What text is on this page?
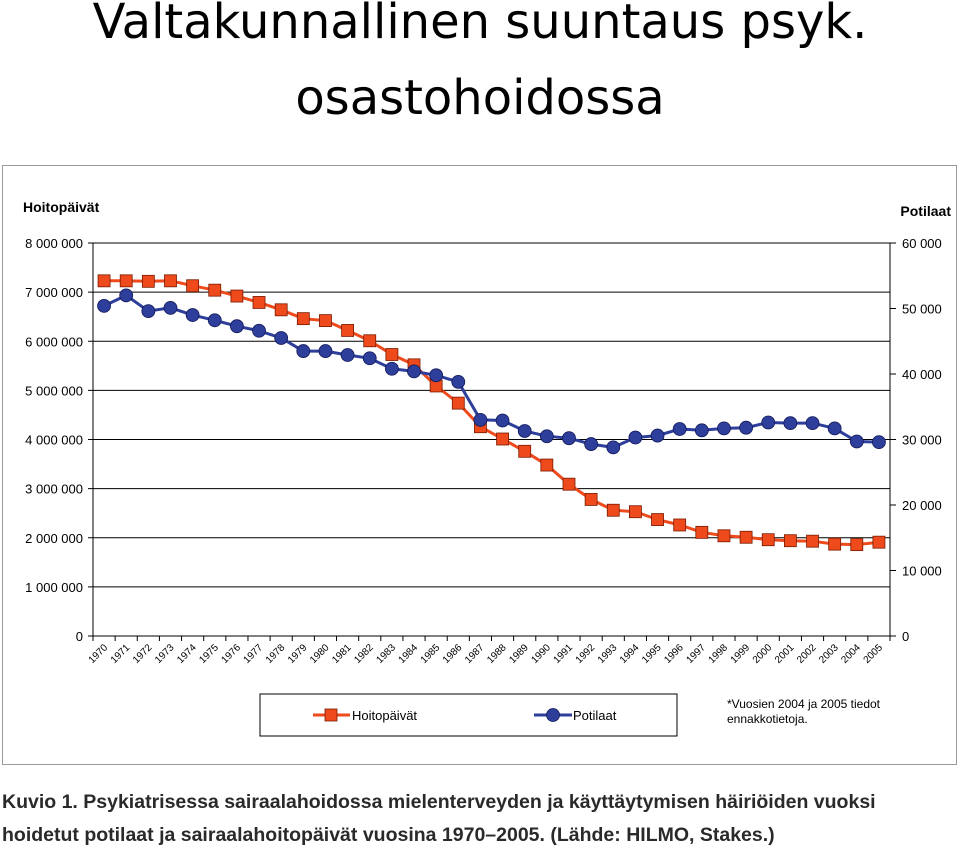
Valtakunnallinen suuntaus psyk.
osastohoidossa
Hoitopäivät	Potilaat
0
1 000 000
2 000 000
3 000 000
4 000 000
5 000 000
6 000 000
7 000 000
8 000 000
0
10 000
20 000
30 000
40 000
50 000
60 000
1970
1971
1972
1973
1974
1975
1976
1977
1978
1979
1980
1981
1982
1983
1984
1985
1986
1987
1988
1989
1990
1991
1992
1993
1994
1995
1996
1997
1998
1999
2000
2001
2002
2003
2004
2005
Hoitopäivät	Potilaat
*Vuosien 2004 ja 2005 tiedot
ennakkotietoja.
Kuvio 1. Psykiatrisessa sairaalahoidossa mielenterveyden ja käyttäytymisen häiriöiden vuoksi
hoidetut potilaat ja sairaalahoitopäivät vuosina 1970–2005. (Lähde: HILMO, Stakes.)
